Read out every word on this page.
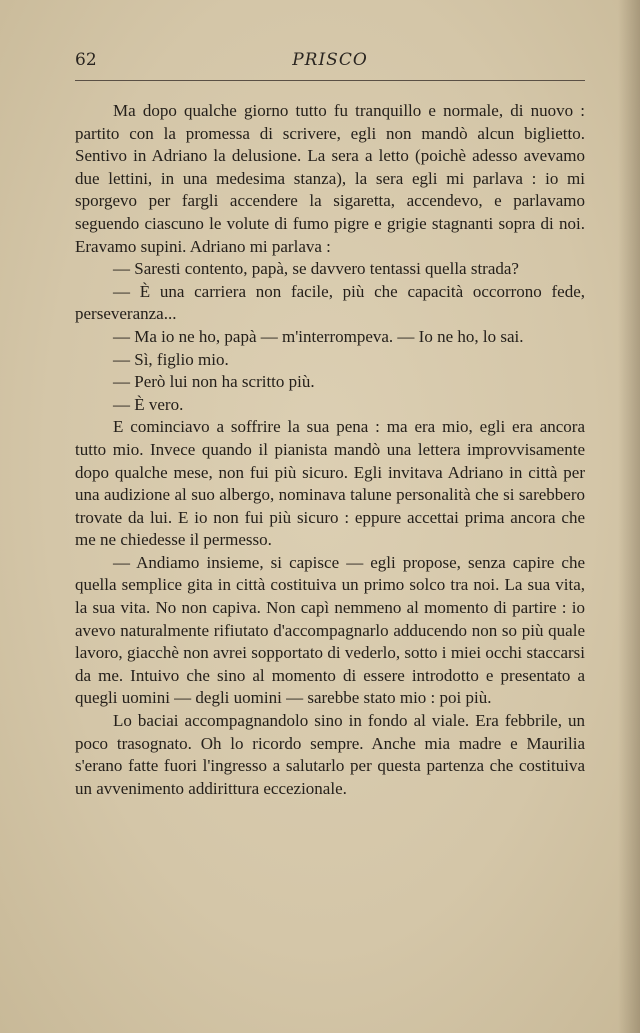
62	PRISCO

Ma dopo qualche giorno tutto fu tranquillo e normale, di nuovo : partito con la promessa di scrivere, egli non mandò alcun biglietto. Sentivo in Adriano la delusione. La sera a letto (poichè adesso avevamo due lettini, in una medesima stanza), la sera egli mi parlava : io mi sporgevo per fargli accendere la sigaretta, accendevo, e parlavamo seguendo ciascuno le volute di fumo pigre e grigie stagnanti sopra di noi. Eravamo supini. Adriano mi parlava :

— Saresti contento, papà, se davvero tentassi quella strada?

— È una carriera non facile, più che capacità occorrono fede, perseveranza...

— Ma io ne ho, papà — m'interrompeva. — Io ne ho, lo sai.

— Sì, figlio mio.

— Però lui non ha scritto più.

— È vero.

E cominciavo a soffrire la sua pena : ma era mio, egli era ancora tutto mio. Invece quando il pianista mandò una lettera improvvisamente dopo qualche mese, non fui più sicuro. Egli invitava Adriano in città per una audizione al suo albergo, nominava talune personalità che si sarebbero trovate da lui. E io non fui più sicuro : eppure accettai prima ancora che me ne chiedesse il permesso.

— Andiamo insieme, si capisce — egli propose, senza capire che quella semplice gita in città costituiva un primo solco tra noi. La sua vita, la sua vita. No non capiva. Non capì nemmeno al momento di partire : io avevo naturalmente rifiutato d'accompagnarlo adducendo non so più quale lavoro, giacchè non avrei sopportato di vederlo, sotto i miei occhi staccarsi da me. Intuivo che sino al momento di essere introdotto e presentato a quegli uomini — degli uomini — sarebbe stato mio : poi più.

Lo baciai accompagnandolo sino in fondo al viale. Era febbrile, un poco trasognato. Oh lo ricordo sempre. Anche mia madre e Maurilia s'erano fatte fuori l'ingresso a salutarlo per questa partenza che costituiva un avvenimento addirittura eccezionale.
